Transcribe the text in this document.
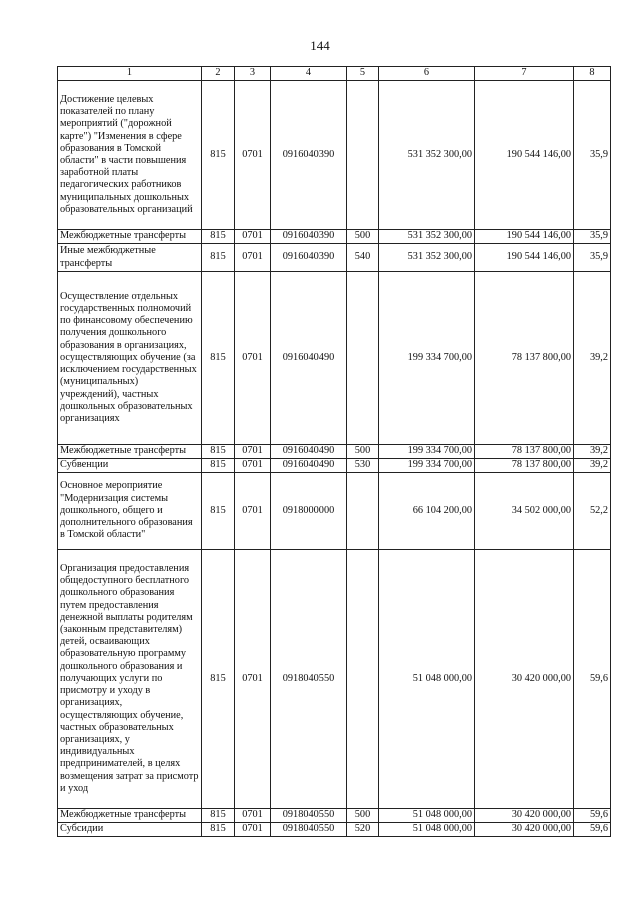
144
1	2	3	4	5	6	7	8
Достижение целевых показателей по плану мероприятий ("дорожной карте") "Изменения в сфере образования в Томской области" в части повышения заработной платы педагогических работников муниципальных дошкольных образовательных организаций	815	0701	0916040390		531 352 300,00	190 544 146,00	35,9
Межбюджетные трансферты	815	0701	0916040390	500	531 352 300,00	190 544 146,00	35,9
Иные межбюджетные трансферты	815	0701	0916040390	540	531 352 300,00	190 544 146,00	35,9
Осуществление отдельных государственных полномочий по финансовому обеспечению получения дошкольного образования в организациях, осуществляющих обучение (за исключением государственных (муниципальных) учреждений), частных дошкольных образовательных организациях	815	0701	0916040490		199 334 700,00	78 137 800,00	39,2
Межбюджетные трансферты	815	0701	0916040490	500	199 334 700,00	78 137 800,00	39,2
Субвенции	815	0701	0916040490	530	199 334 700,00	78 137 800,00	39,2
Основное мероприятие "Модернизация системы дошкольного, общего и дополнительного образования в Томской области"	815	0701	0918000000		66 104 200,00	34 502 000,00	52,2
Организация предоставления общедоступного бесплатного дошкольного образования путем предоставления денежной выплаты родителям (законным представителям) детей, осваивающих образовательную программу дошкольного образования и получающих услуги по присмотру и уходу в организациях, осуществляющих обучение, частных образовательных организациях, у индивидуальных предпринимателей, в целях возмещения затрат за присмотр и уход	815	0701	0918040550		51 048 000,00	30 420 000,00	59,6
Межбюджетные трансферты	815	0701	0918040550	500	51 048 000,00	30 420 000,00	59,6
Субсидии	815	0701	0918040550	520	51 048 000,00	30 420 000,00	59,6
